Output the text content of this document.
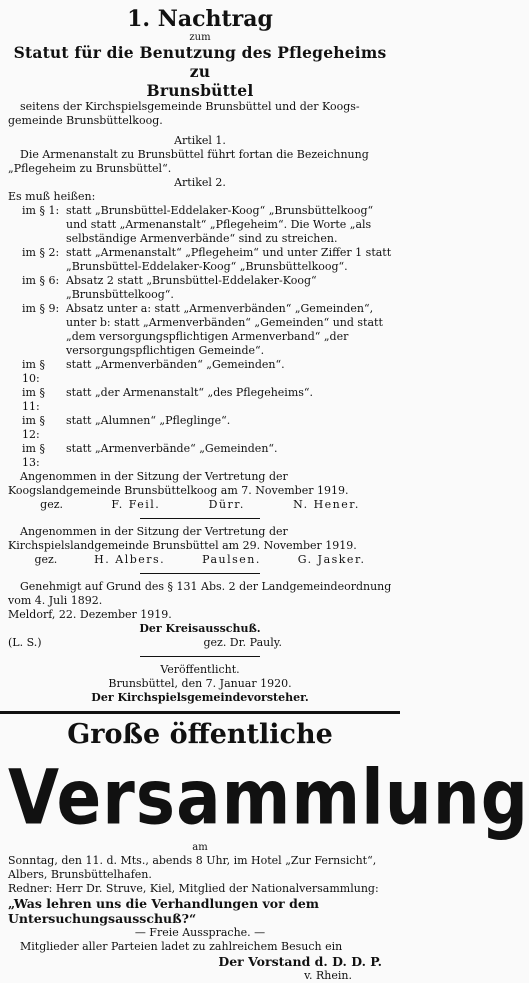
1. Nachtrag
zum
Statut für die Benutzung des Pflegeheims zu
Brunsbüttel
seitens der Kirchspielsgemeinde Brunsbüttel und der Koogs-gemeinde Brunsbüttelkoog.
Artikel 1.
Die Armenanstalt zu Brunsbüttel führt fortan die Bezeichnung „Pflegeheim zu Brunsbüttel“.
Artikel 2.
Es muß heißen:
im § 1: statt „Brunsbüttel-Eddelaker-Koog“ „Brunsbüttelkoog“ und statt „Armenanstalt“ „Pflegeheim“. Die Worte „als selbständige Armenverbände“ sind zu streichen.
im § 2: statt „Armenanstalt“ „Pflegeheim“ und unter Ziffer 1 statt „Brunsbüttel-Eddelaker-Koog“ „Brunsbüttelkoog“.
im § 6: Absatz 2 statt „Brunsbüttel-Eddelaker-Koog“ „Brunsbüttelkoog“.
im § 9: Absatz unter a: statt „Armenverbänden“ „Gemeinden“, unter b: statt „Armenverbänden“ „Gemeinden“ und statt „dem versorgungspflichtigen Armenverband“ „der versorgungspflichtigen Gemeinde“.
im § 10:
statt „Armenverbänden“ „Gemeinden“.
im § 11:
statt „der Armenanstalt“ „des Pflegeheims“.
im § 12:
statt „Alumnen“ „Pfleglinge“.
im § 13:
statt „Armenverbände“ „Gemeinden“.
Angenommen in der Sitzung der Vertretung der Koogslandgemeinde Brunsbüttelkoog am 7. November 1919.
gez.	F. Feil.	Dürr.	N. Hener.
Angenommen in der Sitzung der Vertretung der Kirchspielslandgemeinde Brunsbüttel am 29. November 1919.
gez.	H. Albers.	Paulsen.	G. Jasker.
Genehmigt auf Grund des § 131 Abs. 2 der Landgemeindeordnung vom 4. Juli 1892.
Meldorf, 22. Dezember 1919.
Der Kreisausschuß.
(L. S.)	gez. Dr. Pauly.
Veröffentlicht.
Brunsbüttel, den 7. Januar 1920.
Der Kirchspielsgemeindevorsteher.
Große öffentliche
Versammlung
am
Sonntag, den 11. d. Mts., abends 8 Uhr, im Hotel „Zur Fernsicht“, Albers, Brunsbüttelhafen.
Redner: Herr Dr. Struve, Kiel, Mitglied der Nationalversammlung:
„Was lehren uns die Verhandlungen vor dem Untersuchungsausschuß?“
— Freie Aussprache. —
Mitglieder aller Parteien ladet zu zahlreichem Besuch ein
Der Vorstand d. D. D. P.
v. Rhein.
